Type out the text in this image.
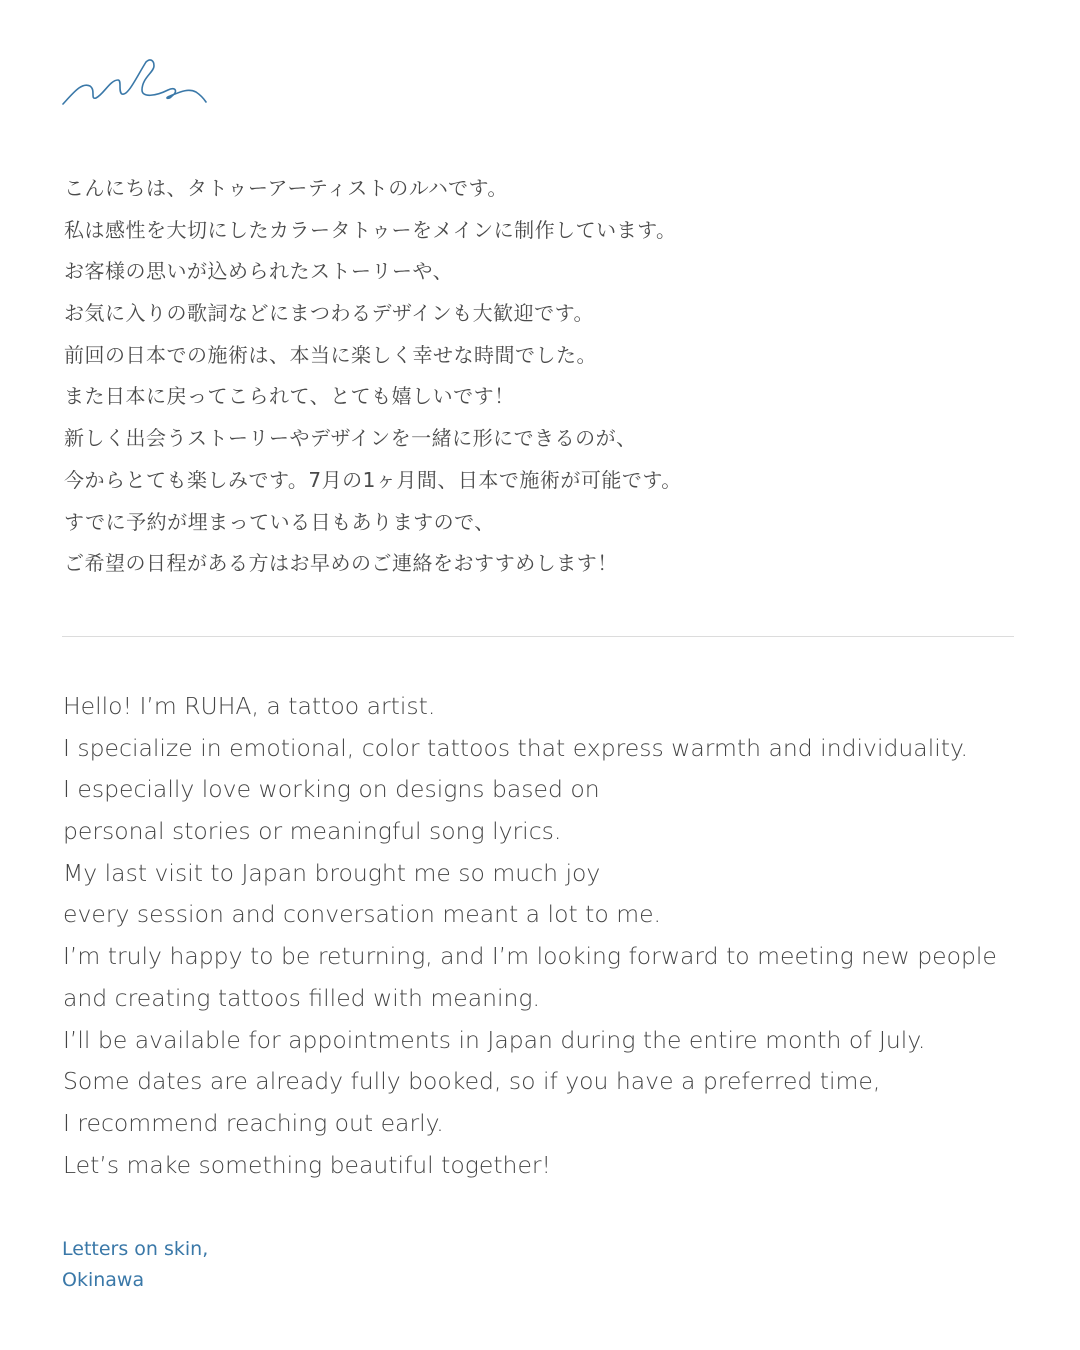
こんにちは、タトゥーアーティストのルハです。
私は感性を大切にしたカラータトゥーをメインに制作しています。
お客様の思いが込められたストーリーや、
お気に入りの歌詞などにまつわるデザインも大歓迎です。
前回の日本での施術は、本当に楽しく幸せな時間でした。
また日本に戻ってこられて、とても嬉しいです！
新しく出会うストーリーやデザインを一緒に形にできるのが、
今からとても楽しみです。7月の1ヶ月間、日本で施術が可能です。
すでに予約が埋まっている日もありますので、
ご希望の日程がある方はお早めのご連絡をおすすめします！
Hello! I’m RUHA, a tattoo artist.
I specialize in emotional, color tattoos that express warmth and individuality.
I especially love working on designs based on
personal stories or meaningful song lyrics.
My last visit to Japan brought me so much joy
every session and conversation meant a lot to me.
I’m truly happy to be returning, and I’m looking forward to meeting new people
and creating tattoos filled with meaning.
I’ll be available for appointments in Japan during the entire month of July.
Some dates are already fully booked, so if you have a preferred time,
I recommend reaching out early.
Let’s make something beautiful together!
Letters on skin,
Okinawa
